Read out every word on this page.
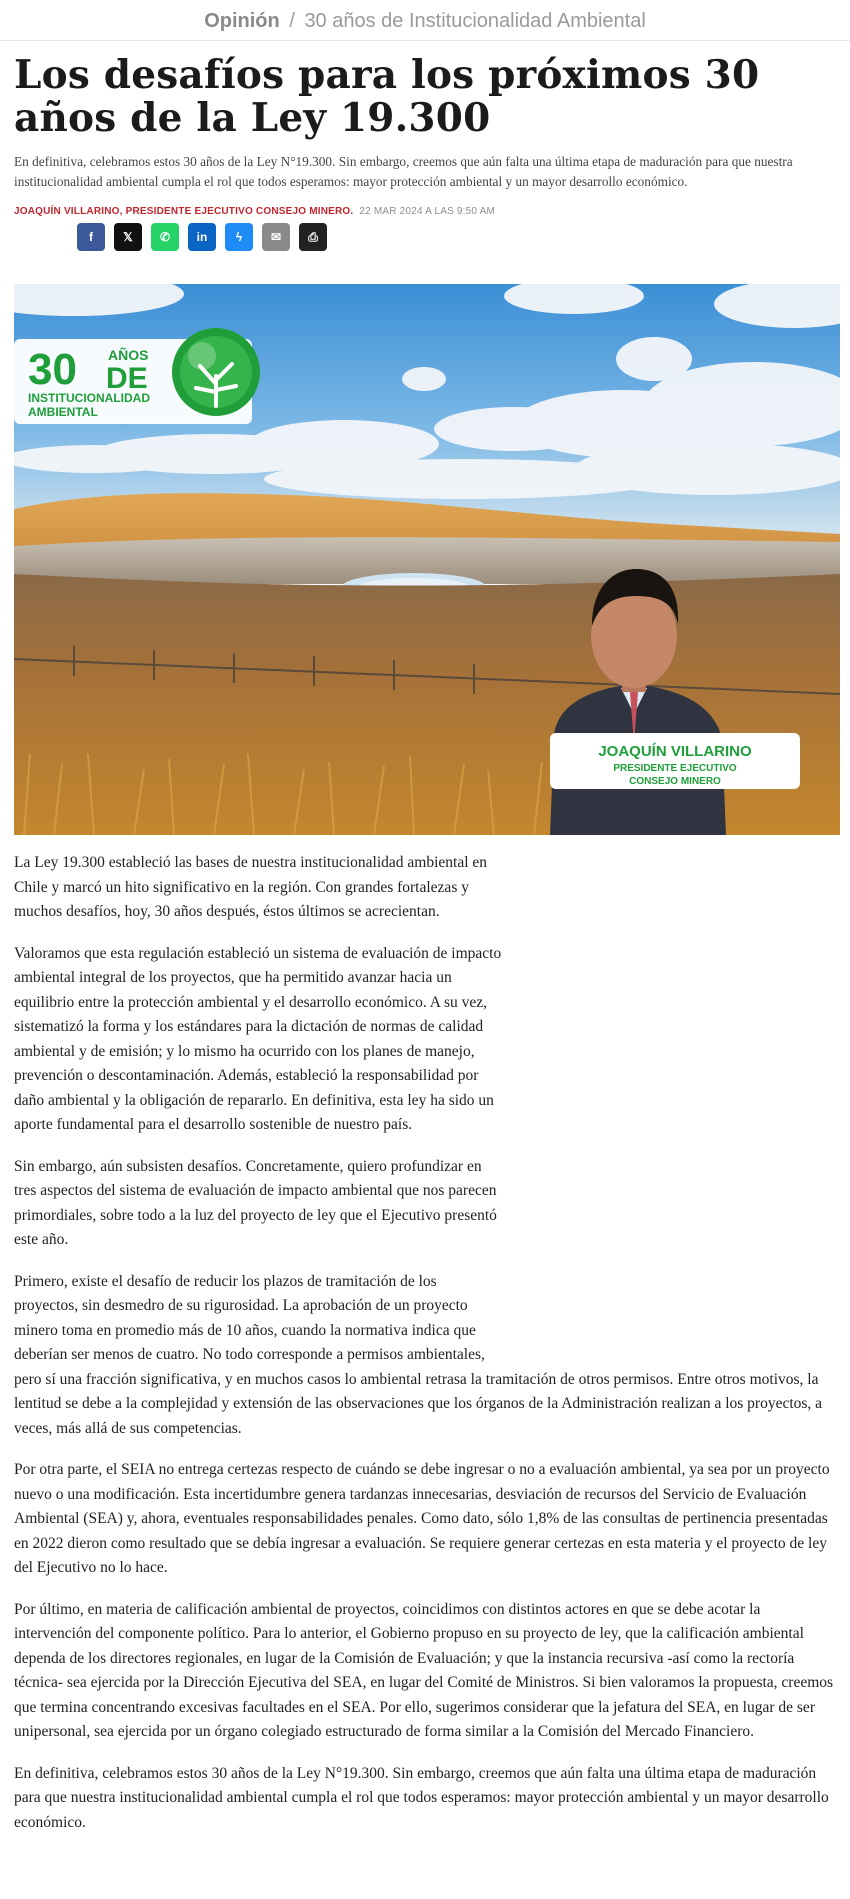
Opinión / 30 años de Institucionalidad Ambiental
Los desafíos para los próximos 30 años de la Ley 19.300

En definitiva, celebramos estos 30 años de la Ley N°19.300. Sin embargo, creemos que aún falta una última etapa de maduración para que nuestra institucionalidad ambiental cumpla el rol que todos esperamos: mayor protección ambiental y un mayor desarrollo económico.

JOAQUÍN VILLARINO, PRESIDENTE EJECUTIVO CONSEJO MINERO. 22 MAR 2024 A LAS 9:50 AM
f	𝕏 ✆ in ϟ ✉ ⎙
JOAQUÍN VILLARINO
PRESIDENTE EJECUTIVO
CONSEJO MINERO
30 AÑOS
DE
INSTITUCIONALIDAD
AMBIENTAL

La Ley 19.300 estableció las bases de nuestra institucionalidad ambiental en Chile y marcó un hito significativo en la región. Con grandes fortalezas y muchos desafíos, hoy, 30 años después, éstos últimos se acrecientan.

Valoramos que esta regulación estableció un sistema de evaluación de impacto ambiental integral de los proyectos, que ha permitido avanzar hacia un equilibrio entre la protección ambiental y el desarrollo económico. A su vez, sistematizó la forma y los estándares para la dictación de normas de calidad ambiental y de emisión; y lo mismo ha ocurrido con los planes de manejo, prevención o descontaminación. Además, estableció la responsabilidad por daño ambiental y la obligación de repararlo. En definitiva, esta ley ha sido un aporte fundamental para el desarrollo sostenible de nuestro país.

Sin embargo, aún subsisten desafíos. Concretamente, quiero profundizar en tres aspectos del sistema de evaluación de impacto ambiental que nos parecen primordiales, sobre todo a la luz del proyecto de ley que el Ejecutivo presentó este año.

Primero, existe el desafío de reducir los plazos de tramitación de los proyectos, sin desmedro de su rigurosidad. La aprobación de un proyecto minero toma en promedio más de 10 años, cuando la normativa indica que deberían ser menos de cuatro. No todo corresponde a permisos ambientales, pero sí una fracción significativa, y en muchos casos lo ambiental retrasa la tramitación de otros permisos. Entre otros motivos, la lentitud se debe a la complejidad y extensión de las observaciones que los órganos de la Administración realizan a los proyectos, a veces, más allá de sus competencias.

Por otra parte, el SEIA no entrega certezas respecto de cuándo se debe ingresar o no a evaluación ambiental, ya sea por un proyecto nuevo o una modificación. Esta incertidumbre genera tardanzas innecesarias, desviación de recursos del Servicio de Evaluación Ambiental (SEA) y, ahora, eventuales responsabilidades penales. Como dato, sólo 1,8% de las consultas de pertinencia presentadas en 2022 dieron como resultado que se debía ingresar a evaluación. Se requiere generar certezas en esta materia y el proyecto de ley del Ejecutivo no lo hace.

Por último, en materia de calificación ambiental de proyectos, coincidimos con distintos actores en que se debe acotar la intervención del componente político. Para lo anterior, el Gobierno propuso en su proyecto de ley, que la calificación ambiental dependa de los directores regionales, en lugar de la Comisión de Evaluación; y que la instancia recursiva -así como la rectoría técnica- sea ejercida por la Dirección Ejecutiva del SEA, en lugar del Comité de Ministros. Si bien valoramos la propuesta, creemos que termina concentrando excesivas facultades en el SEA. Por ello, sugerimos considerar que la jefatura del SEA, en lugar de ser unipersonal, sea ejercida por un órgano colegiado estructurado de forma similar a la Comisión del Mercado Financiero.

En definitiva, celebramos estos 30 años de la Ley N°19.300. Sin embargo, creemos que aún falta una última etapa de maduración para que nuestra institucionalidad ambiental cumpla el rol que todos esperamos: mayor protección ambiental y un mayor desarrollo económico.
